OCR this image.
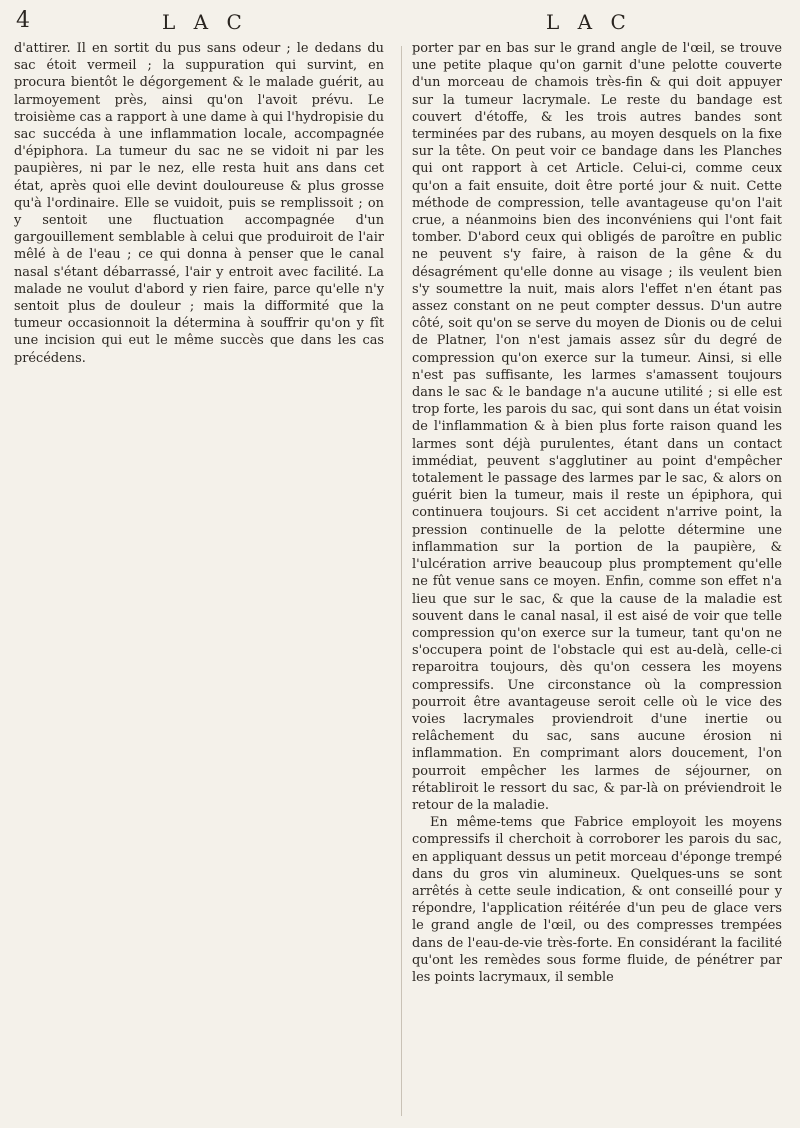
4	L A C	L A C

d'attirer. Il en sortit du pus sans odeur ; le dedans du sac étoit vermeil ; la suppuration qui survint, en procura bientôt le dégorgement & le malade guérit, au larmoyement près, ainsi qu'on l'avoit prévu. Le troisième cas a rapport à une dame à qui l'hydropisie du sac succéda à une inflammation locale, accompagnée d'épiphora. La tumeur du sac ne se vidoit ni par les paupières, ni par le nez, elle resta huit ans dans cet état, après quoi elle devint douloureuse & plus grosse qu'à l'ordinaire. Elle se vuidoit, puis se remplissoit ; on y sentoit une fluctuation accompagnée d'un gargouillement semblable à celui que produiroit de l'air mêlé à de l'eau ; ce qui donna à penser que le canal nasal s'étant débarrassé, l'air y entroit avec facilité. La malade ne voulut d'abord y rien faire, parce qu'elle n'y sentoit plus de douleur ; mais la difformité que la tumeur occasionnoit la détermina à souffrir qu'on y fît une incision qui eut le même succès que dans les cas précédens.

porter par en bas sur le grand angle de l'œil, se trouve une petite plaque qu'on garnit d'une pelotte couverte d'un morceau de chamois très-fin & qui doit appuyer sur la tumeur lacrymale. Le reste du bandage est couvert d'étoffe, & les trois autres bandes sont terminées par des rubans, au moyen desquels on la fixe sur la tête. On peut voir ce bandage dans les Planches qui ont rapport à cet Article. Celui-ci, comme ceux qu'on a fait ensuite, doit être porté jour & nuit. Cette méthode de compression, telle avantageuse qu'on l'ait crue, a néanmoins bien des inconvéniens qui l'ont fait tomber. D'abord ceux qui obligés de paroître en public ne peuvent s'y faire, à raison de la gêne & du désagrément qu'elle donne au visage ; ils veulent bien s'y soumettre la nuit, mais alors l'effet n'en étant pas assez constant on ne peut compter dessus. D'un autre côté, soit qu'on se serve du moyen de Dionis ou de celui de Platner, l'on n'est jamais assez sûr du degré de compression qu'on exerce sur la tumeur. Ainsi, si elle n'est pas suffisante, les larmes s'amassent toujours dans le sac & le bandage n'a aucune utilité ; si elle est trop forte, les parois du sac, qui sont dans un état voisin de l'inflammation & à bien plus forte raison quand les larmes sont déjà purulentes, étant dans un contact immédiat, peuvent s'agglutiner au point d'empêcher totalement le passage des larmes par le sac, & alors on guérit bien la tumeur, mais il reste un épiphora, qui continuera toujours. Si cet accident n'arrive point, la pression continuelle de la pelotte détermine une inflammation sur la portion de la paupière, & l'ulcération arrive beaucoup plus promptement qu'elle ne fût venue sans ce moyen. Enfin, comme son effet n'a lieu que sur le sac, & que la cause de la maladie est souvent dans le canal nasal, il est aisé de voir que telle compression qu'on exerce sur la tumeur, tant qu'on ne s'occupera point de l'obstacle qui est au-delà, celle-ci reparoitra toujours, dès qu'on cessera les moyens compressifs. Une circonstance où la compression pourroit être avantageuse seroit celle où le vice des voies lacrymales proviendroit d'une inertie ou relâchement du sac, sans aucune érosion ni inflammation. En comprimant alors doucement, l'on pourroit empêcher les larmes de séjourner, on rétabliroit le ressort du sac, & par-là on préviendroit le retour de la maladie.

En même-tems que Fabrice employoit les moyens compressifs il cherchoit à corroborer les parois du sac, en appliquant dessus un petit morceau d'éponge trempé dans du gros vin alumineux. Quelques-uns se sont arrêtés à cette seule indication, & ont conseillé pour y répondre, l'application réitérée d'un peu de glace vers le grand angle de l'œil, ou des compresses trempées dans de l'eau-de-vie très-forte. En considérant la facilité qu'ont les remèdes sous forme fluide, de pénétrer par les points lacrymaux, il semble
